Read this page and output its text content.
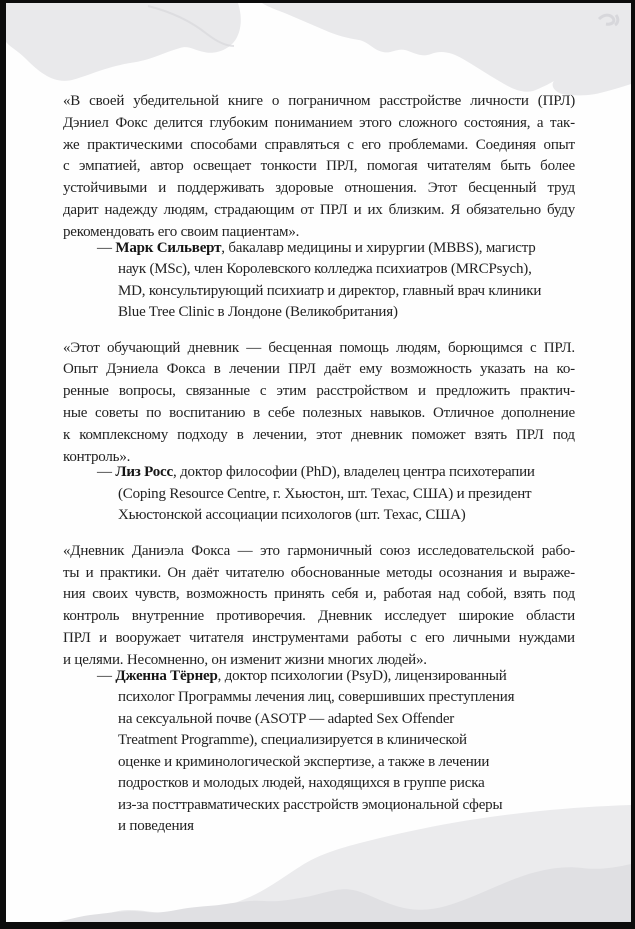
«В своей убедительной книге о пограничном расстройстве личности (ПРЛ)
Дэниел Фокс делится глубоким пониманием этого сложного состояния, а так-
же практическими способами справляться с его проблемами. Соединяя опыт
с эмпатией, автор освещает тонкости ПРЛ, помогая читателям быть более
устойчивыми и поддерживать здоровые отношения. Этот бесценный труд
дарит надежду людям, страдающим от ПРЛ и их близким. Я обязательно буду
рекомендовать его своим пациентам».
— Марк Сильверт, бакалавр медицины и хирургии (MBBS), магистр
наук (MSc), член Королевского колледжа психиатров (MRCPsych),
MD, консультирующий психиатр и директор, главный врач клиники
Blue Tree Clinic в Лондоне (Великобритания)
«Этот обучающий дневник — бесценная помощь людям, борющимся с ПРЛ.
Опыт Дэниела Фокса в лечении ПРЛ даёт ему возможность указать на ко-
ренные вопросы, связанные с этим расстройством и предложить практич-
ные советы по воспитанию в себе полезных навыков. Отличное дополнение
к комплексному подходу в лечении, этот дневник поможет взять ПРЛ под
контроль».
— Лиз Росс, доктор философии (PhD), владелец центра психотерапии
(Coping Resource Centre, г. Хьюстон, шт. Техас, США) и президент
Хьюстонской ассоциации психологов (шт. Техас, США)
«Дневник Даниэла Фокса — это гармоничный союз исследовательской рабо-
ты и практики. Он даёт читателю обоснованные методы осознания и выраже-
ния своих чувств, возможность принять себя и, работая над собой, взять под
контроль внутренние противоречия. Дневник исследует широкие области
ПРЛ и вооружает читателя инструментами работы с его личными нуждами
и целями. Несомненно, он изменит жизни многих людей».
— Дженна Тёрнер, доктор психологии (PsyD), лицензированный
психолог Программы лечения лиц, совершивших преступления
на сексуальной почве (ASOTP — adapted Sex Offender
Treatment Programme), специализируется в клинической
оценке и криминологической экспертизе, а также в лечении
подростков и молодых людей, находящихся в группе риска
из-за посттравматических расстройств эмоциональной сферы
и поведения
